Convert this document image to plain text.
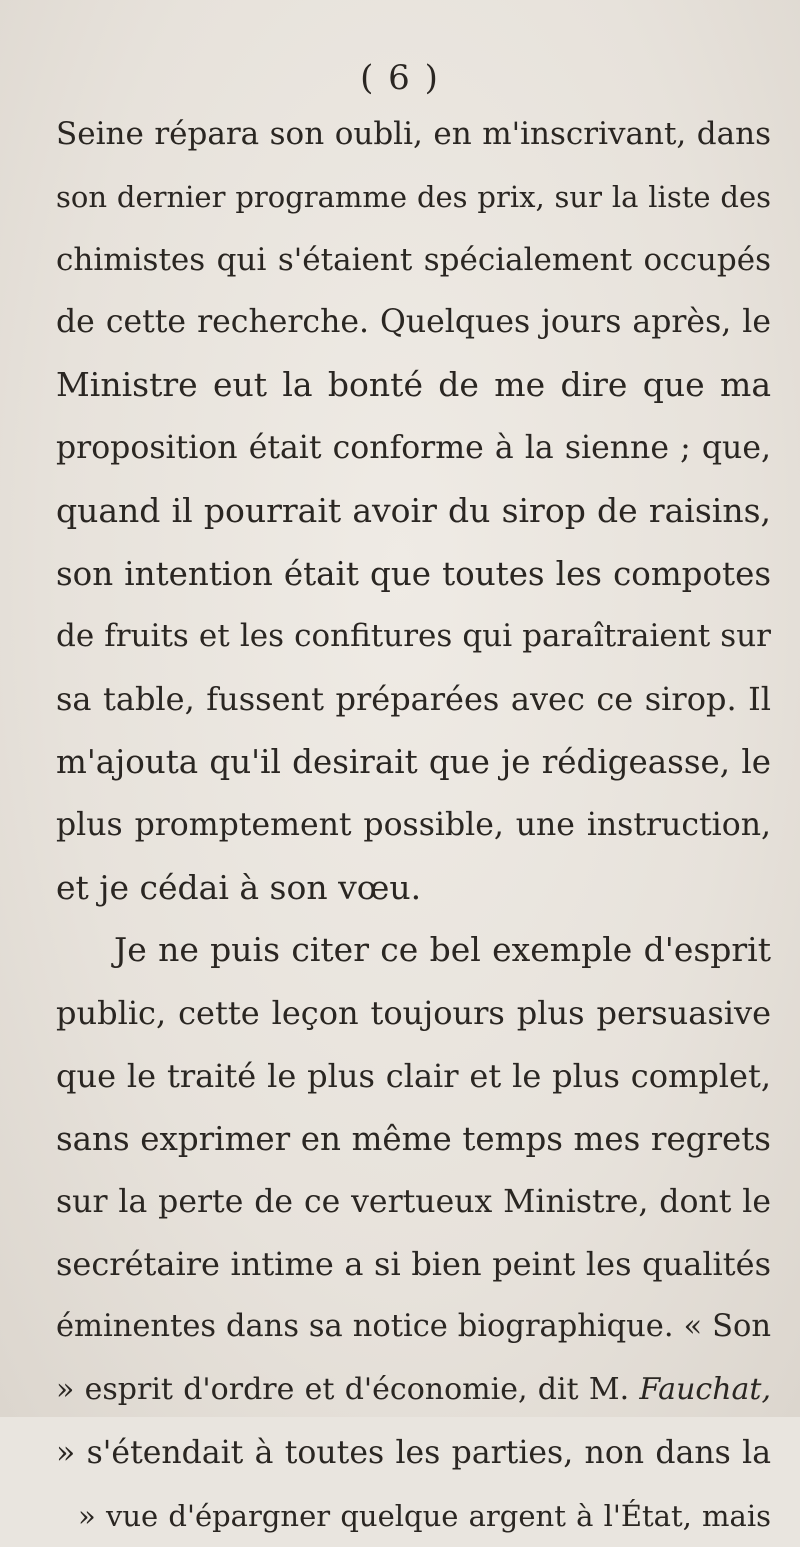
( 6 )
Seine répara son oubli, en m'inscrivant, dans
son dernier programme des prix, sur la liste des
chimistes qui s'étaient spécialement occupés
de cette recherche. Quelques jours après, le
Ministre eut la bonté de me dire que ma
proposition était conforme à la sienne ; que,
quand il pourrait avoir du sirop de raisins,
son intention était que toutes les compotes
de fruits et les confitures qui paraîtraient sur
sa table, fussent préparées avec ce sirop. Il
m'ajouta qu'il desirait que je rédigeasse, le
plus promptement possible, une instruction,
et je cédai à son vœu.
Je ne puis citer ce bel exemple d'esprit
public, cette leçon toujours plus persuasive
que le traité le plus clair et le plus complet,
sans exprimer en même temps mes regrets
sur la perte de ce vertueux Ministre, dont le
secrétaire intime a si bien peint les qualités
éminentes dans sa notice biographique. « Son
» esprit d'ordre et d'économie, dit M. Fauchat,
» s'étendait à toutes les parties, non dans la
» vue d'épargner quelque argent à l'État, mais
